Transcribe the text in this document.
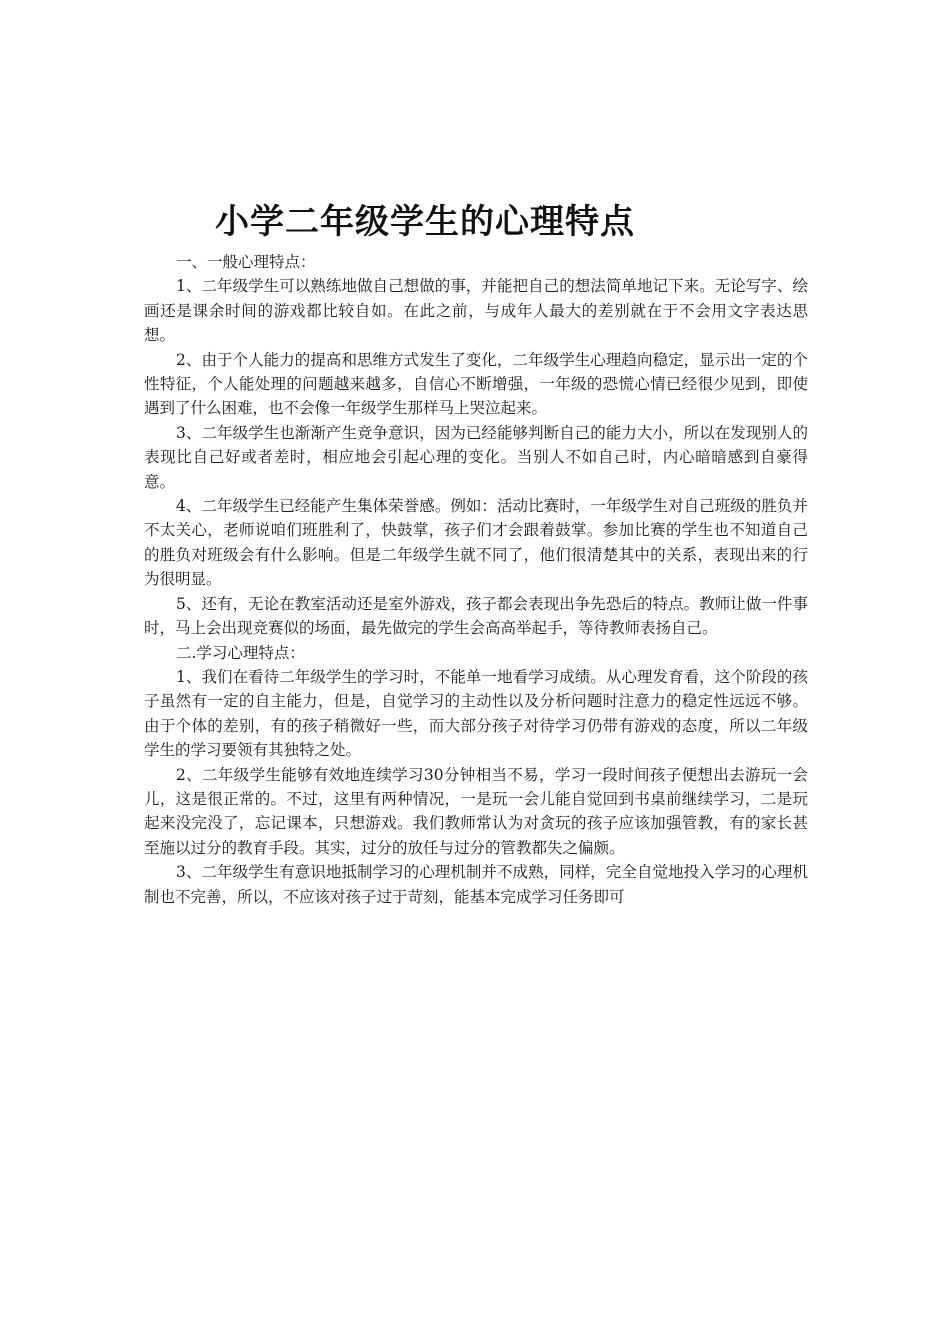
小学二年级学生的心理特点

一、一般心理特点：

1、二年级学生可以熟练地做自己想做的事，并能把自己的想法简单地记下来。无论写字、绘画还是课余时间的游戏都比较自如。在此之前，与成年人最大的差别就在于不会用文字表达思想。

2、由于个人能力的提高和思维方式发生了变化，二年级学生心理趋向稳定，显示出一定的个性特征，个人能处理的问题越来越多，自信心不断增强，一年级的恐慌心情已经很少见到，即使遇到了什么困难，也不会像一年级学生那样马上哭泣起来。

3、二年级学生也渐渐产生竞争意识，因为已经能够判断自己的能力大小，所以在发现别人的表现比自己好或者差时，相应地会引起心理的变化。当别人不如自己时，内心暗暗感到自豪得意。

4、二年级学生已经能产生集体荣誉感。例如：活动比赛时，一年级学生对自己班级的胜负并不太关心，老师说咱们班胜利了，快鼓掌，孩子们才会跟着鼓掌。参加比赛的学生也不知道自己的胜负对班级会有什么影响。但是二年级学生就不同了，他们很清楚其中的关系，表现出来的行为很明显。

5、还有，无论在教室活动还是室外游戏，孩子都会表现出争先恐后的特点。教师让做一件事时，马上会出现竞赛似的场面，最先做完的学生会高高举起手，等待教师表扬自己。

二.学习心理特点：

1、我们在看待二年级学生的学习时，不能单一地看学习成绩。从心理发育看，这个阶段的孩子虽然有一定的自主能力，但是，自觉学习的主动性以及分析问题时注意力的稳定性远远不够。由于个体的差别，有的孩子稍微好一些，而大部分孩子对待学习仍带有游戏的态度，所以二年级学生的学习要领有其独特之处。

2、二年级学生能够有效地连续学习30分钟相当不易，学习一段时间孩子便想出去游玩一会儿，这是很正常的。不过，这里有两种情况，一是玩一会儿能自觉回到书桌前继续学习，二是玩起来没完没了，忘记课本，只想游戏。我们教师常认为对贪玩的孩子应该加强管教，有的家长甚至施以过分的教育手段。其实，过分的放任与过分的管教都失之偏颇。

3、二年级学生有意识地抵制学习的心理机制并不成熟，同样，完全自觉地投入学习的心理机制也不完善，所以，不应该对孩子过于苛刻，能基本完成学习任务即可
